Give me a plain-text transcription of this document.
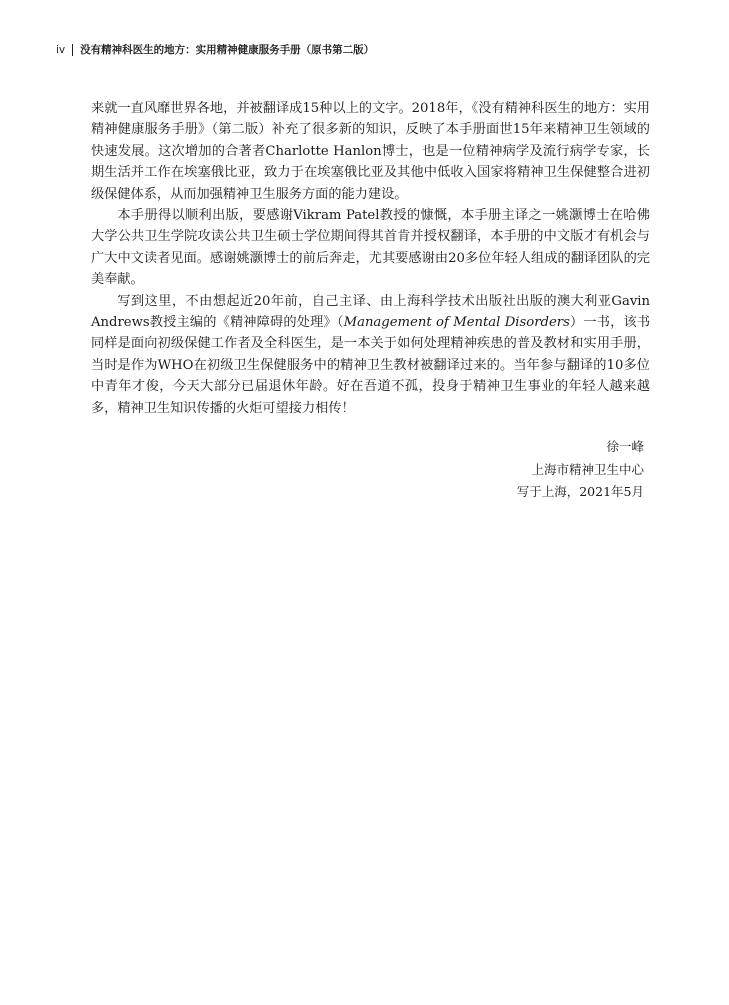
iv 没有精神科医生的地方：实用精神健康服务手册（原书第二版）

来就一直风靡世界各地，并被翻译成15种以上的文字。2018年，《没有精神科医生的地方：实用精神健康服务手册》（第二版）补充了很多新的知识，反映了本手册面世15年来精神卫生领域的快速发展。这次增加的合著者Charlotte Hanlon博士，也是一位精神病学及流行病学专家，长期生活并工作在埃塞俄比亚，致力于在埃塞俄比亚及其他中低收入国家将精神卫生保健整合进初级保健体系，从而加强精神卫生服务方面的能力建设。

本手册得以顺利出版，要感谢Vikram Patel教授的慷慨，本手册主译之一姚灏博士在哈佛大学公共卫生学院攻读公共卫生硕士学位期间得其首肯并授权翻译，本手册的中文版才有机会与广大中文读者见面。感谢姚灏博士的前后奔走，尤其要感谢由20多位年轻人组成的翻译团队的完美奉献。

写到这里，不由想起近20年前，自己主译、由上海科学技术出版社出版的澳大利亚Gavin Andrews教授主编的《精神障碍的处理》（Management of Mental Disorders）一书，该书同样是面向初级保健工作者及全科医生，是一本关于如何处理精神疾患的普及教材和实用手册，当时是作为WHO在初级卫生保健服务中的精神卫生教材被翻译过来的。当年参与翻译的10多位中青年才俊，今天大部分已届退休年龄。好在吾道不孤，投身于精神卫生事业的年轻人越来越多，精神卫生知识传播的火炬可望接力相传！

徐一峰
上海市精神卫生中心
写于上海，2021年5月
